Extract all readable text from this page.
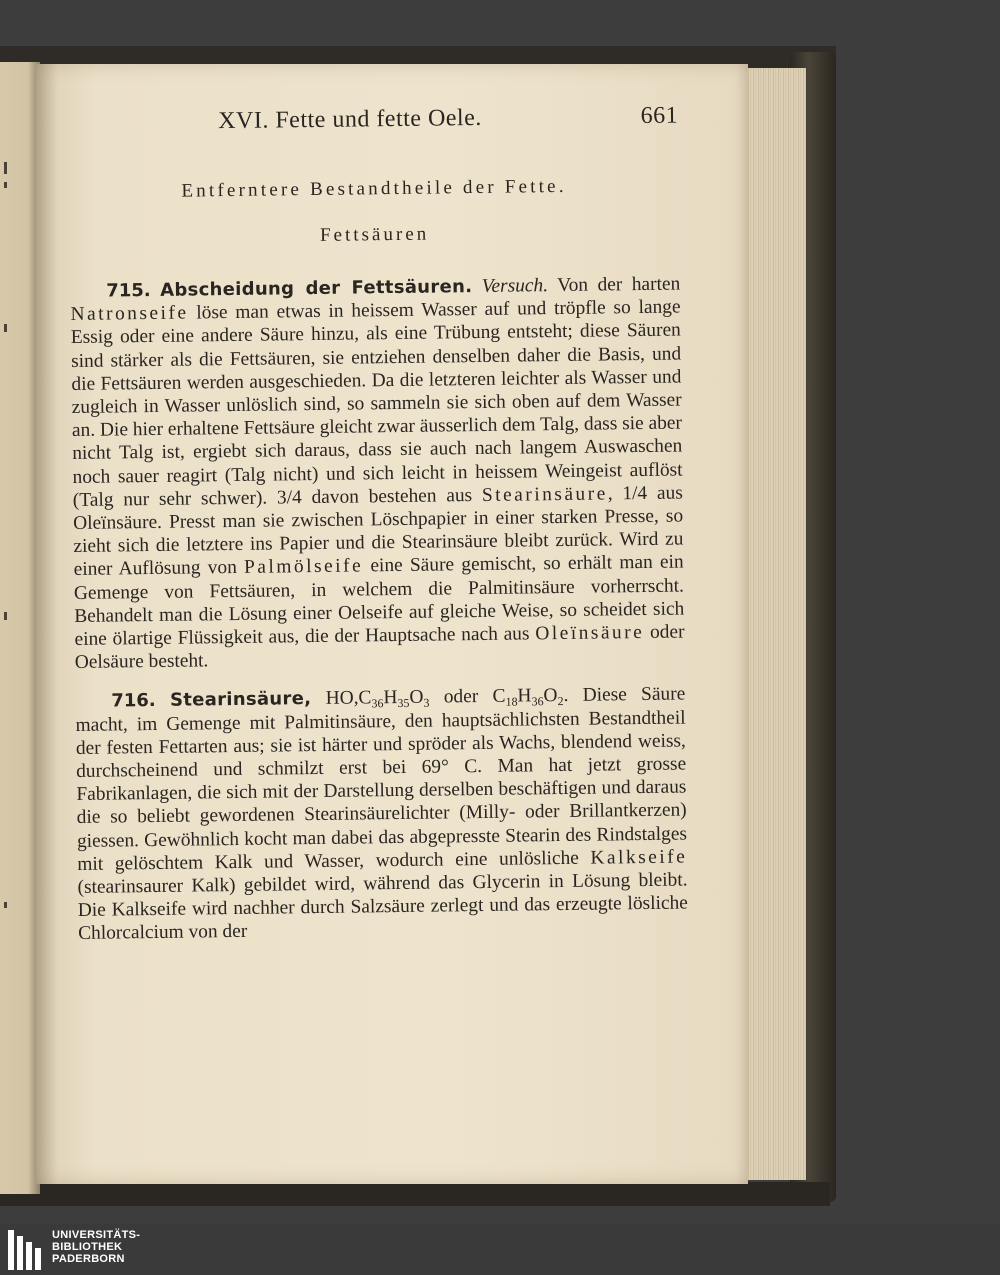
XVI. Fette und fette Oele.	661
Entferntere Bestandtheile der Fette.
Fettsäuren

715. Abscheidung der Fettsäuren. Versuch. Von der harten Natronseife löse man etwas in heissem Wasser auf und tröpfle so lange Essig oder eine andere Säure hinzu, als eine Trübung entsteht; diese Säuren sind stärker als die Fettsäuren, sie entziehen denselben daher die Basis, und die Fettsäuren werden ausgeschieden. Da die letzteren leichter als Wasser und zugleich in Wasser unlöslich sind, so sammeln sie sich oben auf dem Wasser an. Die hier erhaltene Fettsäure gleicht zwar äusserlich dem Talg, dass sie aber nicht Talg ist, ergiebt sich daraus, dass sie auch nach langem Auswaschen noch sauer reagirt (Talg nicht) und sich leicht in heissem Weingeist auflöst (Talg nur sehr schwer). 3/4 davon bestehen aus Stearinsäure, 1/4 aus Oleïnsäure. Presst man sie zwischen Löschpapier in einer starken Presse, so zieht sich die letztere ins Papier und die Stearinsäure bleibt zurück. Wird zu einer Auflösung von Palmölseife eine Säure gemischt, so erhält man ein Gemenge von Fettsäuren, in welchem die Palmitinsäure vorherrscht. Behandelt man die Lösung einer Oelseife auf gleiche Weise, so scheidet sich eine ölartige Flüssigkeit aus, die der Hauptsache nach aus Oleïnsäure oder Oelsäure besteht.

716. Stearinsäure, $HO,C_{36}H_{35}O_3$ oder $C_{18}H_{36}O_2$. Diese Säure macht, im Gemenge mit Palmitinsäure, den hauptsächlichsten Bestandtheil der festen Fettarten aus; sie ist härter und spröder als Wachs, blendend weiss, durchscheinend und schmilzt erst bei 69° C. Man hat jetzt grosse Fabrikanlagen, die sich mit der Darstellung derselben beschäftigen und daraus die so beliebt gewordenen Stearinsäurelichter (Milly- oder Brillantkerzen) giessen. Gewöhnlich kocht man dabei das abgepresste Stearin des Rindstalges mit gelöschtem Kalk und Wasser, wodurch eine unlösliche Kalkseife (stearinsaurer Kalk) gebildet wird, während das Glycerin in Lösung bleibt. Die Kalkseife wird nachher durch Salzsäure zerlegt und das erzeugte lösliche Chlorcalcium von der

UNIVERSITÄTS-
BIBLIOTHEK
PADERBORN
